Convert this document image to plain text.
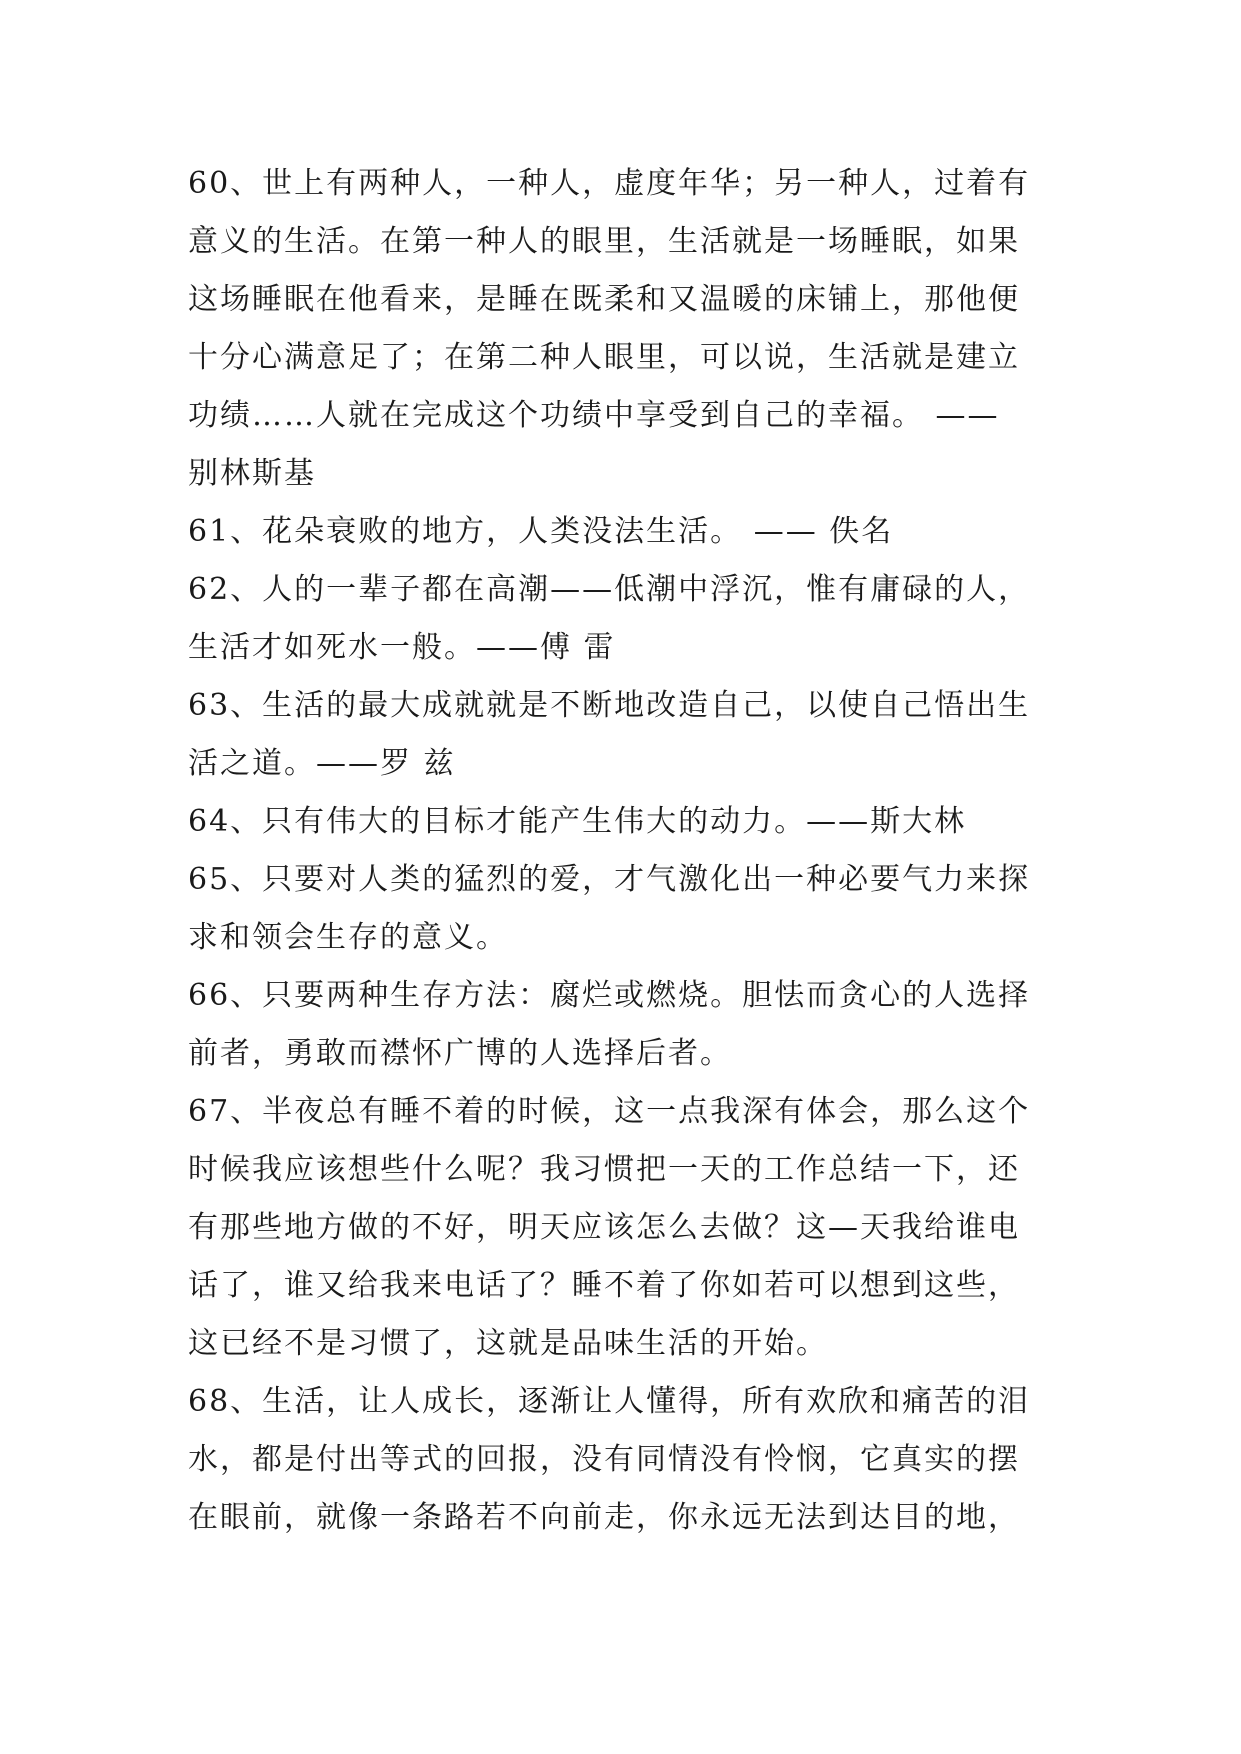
60、世上有两种人，一种人，虚度年华；另一种人，过着有
意义的生活。在第一种人的眼里，生活就是一场睡眠，如果
这场睡眠在他看来，是睡在既柔和又温暖的床铺上，那他便
十分心满意足了；在第二种人眼里，可以说，生活就是建立
功绩……人就在完成这个功绩中享受到自己的幸福。 ——
别林斯基
61、花朵衰败的地方，人类没法生活。 —— 佚名
62、人的一辈子都在高潮——低潮中浮沉，惟有庸碌的人，
生活才如死水一般。——傅 雷
63、生活的最大成就就是不断地改造自己，以使自己悟出生
活之道。——罗 兹
64、只有伟大的目标才能产生伟大的动力。——斯大林
65、只要对人类的猛烈的爱，才气激化出一种必要气力来探
求和领会生存的意义。
66、只要两种生存方法：腐烂或燃烧。胆怯而贪心的人选择
前者，勇敢而襟怀广博的人选择后者。
67、半夜总有睡不着的时候，这一点我深有体会，那么这个
时候我应该想些什么呢？我习惯把一天的工作总结一下，还
有那些地方做的不好，明天应该怎么去做？这—天我给谁电
话了，谁又给我来电话了？睡不着了你如若可以想到这些，
这已经不是习惯了，这就是品味生活的开始。
68、生活，让人成长，逐渐让人懂得，所有欢欣和痛苦的泪
水，都是付出等式的回报，没有同情没有怜悯，它真实的摆
在眼前，就像一条路若不向前走，你永远无法到达目的地，
